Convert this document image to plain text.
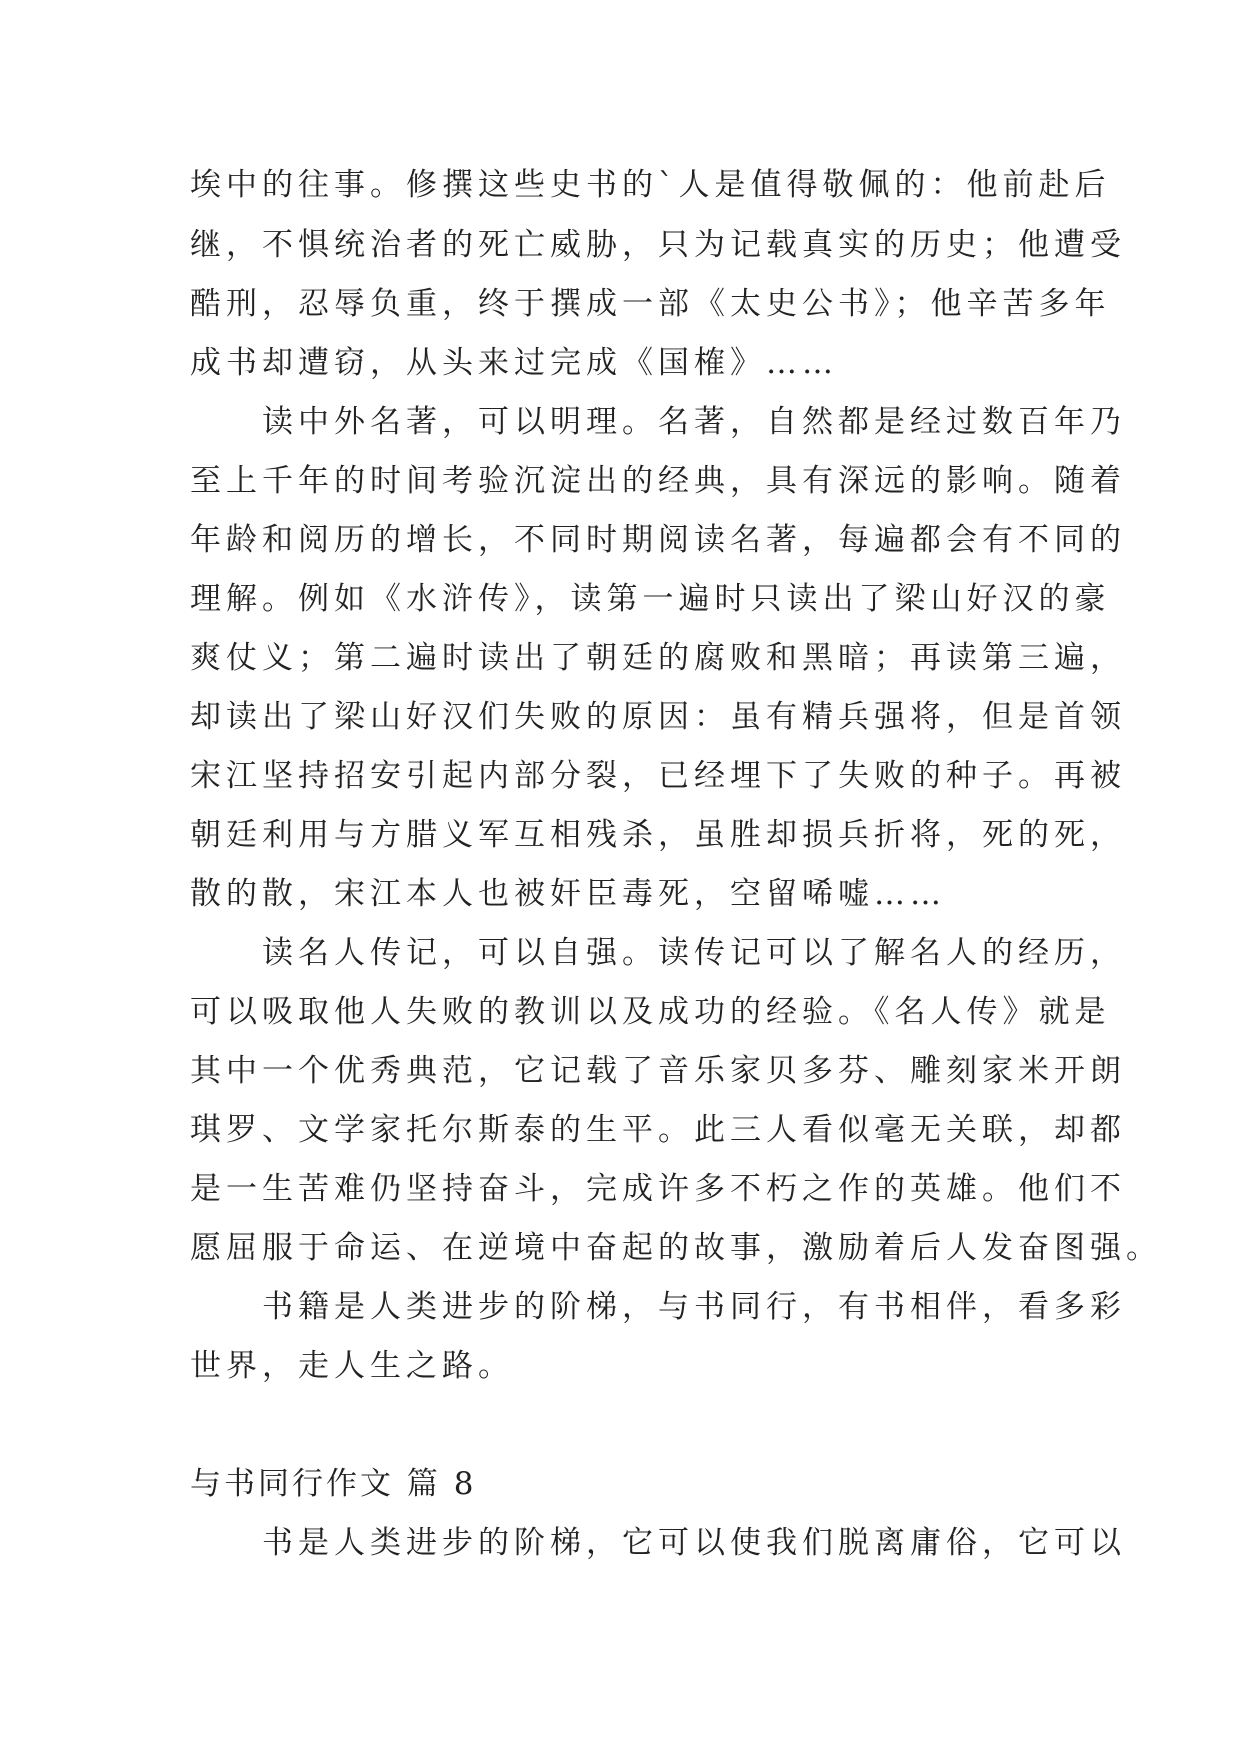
埃中的往事。修撰这些史书的`人是值得敬佩的：他前赴后
继，不惧统治者的死亡威胁，只为记载真实的历史；他遭受
酷刑，忍辱负重，终于撰成一部《太史公书》；他辛苦多年
成书却遭窃，从头来过完成《国榷》……
　　读中外名著，可以明理。名著，自然都是经过数百年乃
至上千年的时间考验沉淀出的经典，具有深远的影响。随着
年龄和阅历的增长，不同时期阅读名著，每遍都会有不同的
理解。例如《水浒传》，读第一遍时只读出了梁山好汉的豪
爽仗义；第二遍时读出了朝廷的腐败和黑暗；再读第三遍，
却读出了梁山好汉们失败的原因：虽有精兵强将，但是首领
宋江坚持招安引起内部分裂，已经埋下了失败的种子。再被
朝廷利用与方腊义军互相残杀，虽胜却损兵折将，死的死，
散的散，宋江本人也被奸臣毒死，空留唏嘘……
　　读名人传记，可以自强。读传记可以了解名人的经历，
可以吸取他人失败的教训以及成功的经验。《名人传》就是
其中一个优秀典范，它记载了音乐家贝多芬、雕刻家米开朗
琪罗、文学家托尔斯泰的生平。此三人看似毫无关联，却都
是一生苦难仍坚持奋斗，完成许多不朽之作的英雄。他们不
愿屈服于命运、在逆境中奋起的故事，激励着后人发奋图强。
　　书籍是人类进步的阶梯，与书同行，有书相伴，看多彩
世界，走人生之路。
与书同行作文 篇 8
　　书是人类进步的阶梯，它可以使我们脱离庸俗，它可以
